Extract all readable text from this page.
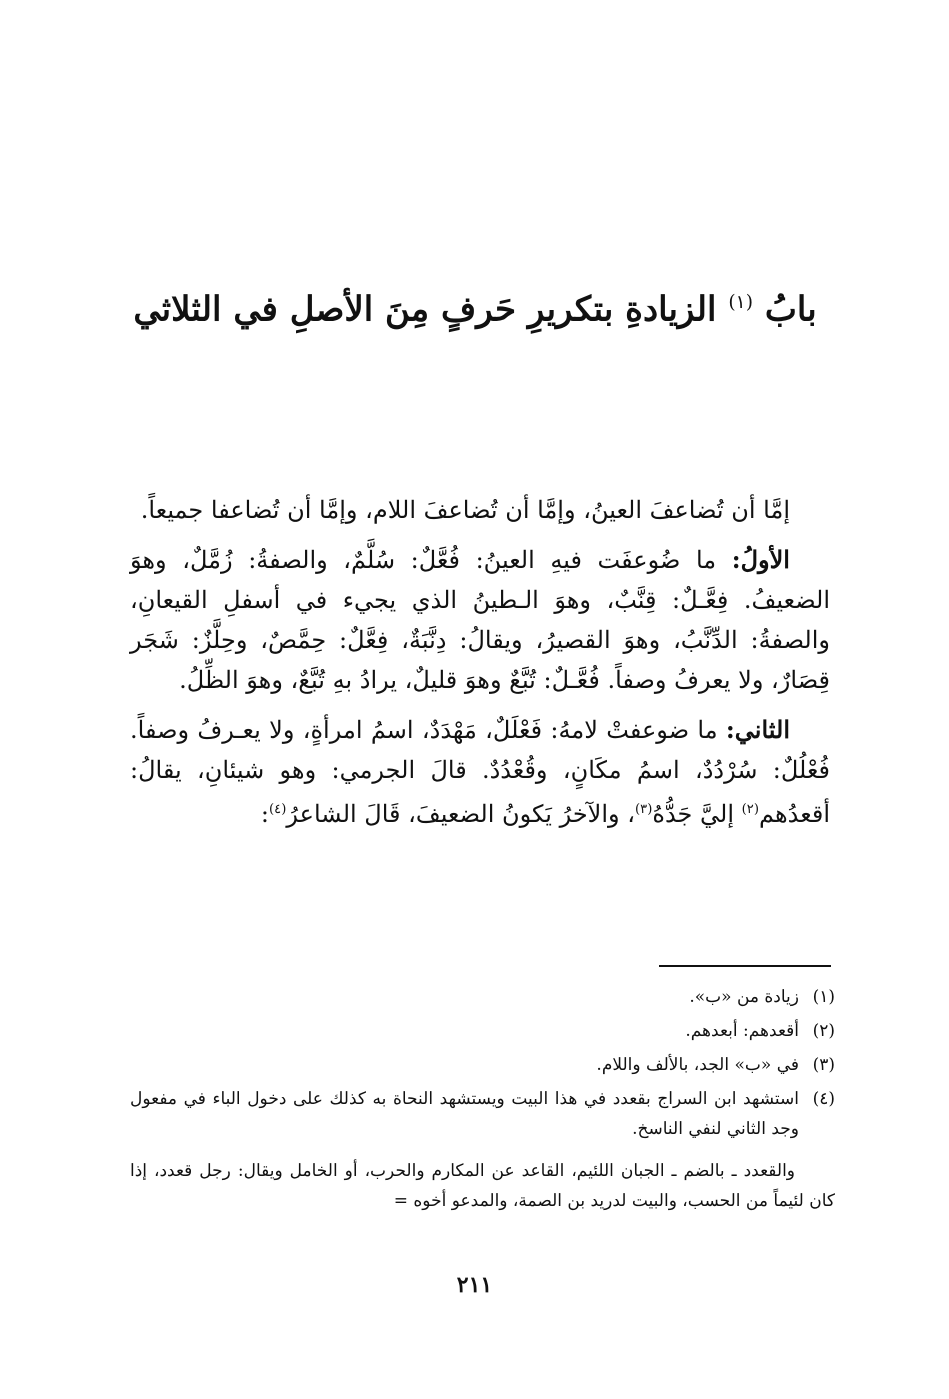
بابُ $^{(١)}$ الزيادةِ بتكريرِ حَرفٍ مِنَ الأصلِ في الثلاثي

إمَّا أن تُضاعفَ العينُ، وإمَّا أن تُضاعفَ اللام، وإمَّا أن تُضاعفا جميعاً.

الأولُ: ما ضُوعفَت فيهِ العينُ: فُعَّلٌ: سُلَّمٌ، والصفةُ: زُمَّلٌ، وهوَ الضعيفُ. فِعَّـلٌ: قِنَّبٌ، وهوَ الـطينُ الذي يجيء في أسفلِ القيعانِ، والصفةُ: الدِّنَّبُ، وهوَ القصيرُ، ويقالُ: دِنَّبَةٌ، فِعَّلٌ: حِمَّصٌ، وحِلَّزٌ: شَجَر قِصَارٌ، ولا يعرفُ وصفاً. فُعَّـلٌ: تُبَّعٌ وهوَ قليلٌ، يرادُ بهِ تُبَّعٌ، وهوَ الظِّلُ.

الثاني: ما ضوعفتْ لامهُ: فَعْلَلٌ، مَهْدَدٌ، اسمُ امرأةٍ، ولا يعـرفُ وصفاً. فُعْلُلٌ: سُرْدُدٌ، اسمُ مكَانٍ، وقُعْدُدٌ. قالَ الجرمي: وهو شيئانِ، يقالُ: أقعدُهم$^{(٢)}$ إليَّ جَدُّهُ$^{(٣)}$، والآخرُ يَكونُ الضعيفَ، قَالَ الشاعرُ$^{(٤)}$:

(١)زيادة من «ب».

(٢)أقعدهم: أبعدهم.

(٣)في «ب» الجد، بالألف واللام.

(٤)استشهد ابن السراج بقعدد في هذا البيت ويستشهد النحاة به كذلك على دخول الباء في مفعول وجد الثاني لنفي الناسخ.

والقعدد ـ بالضم ـ الجبان اللئيم، القاعد عن المكارم والحرب، أو الخامل ويقال: رجل قعدد، إذا كان لئيماً من الحسب، والبيت لدريد بن الصمة، والمدعو أخوه =

٢١١
